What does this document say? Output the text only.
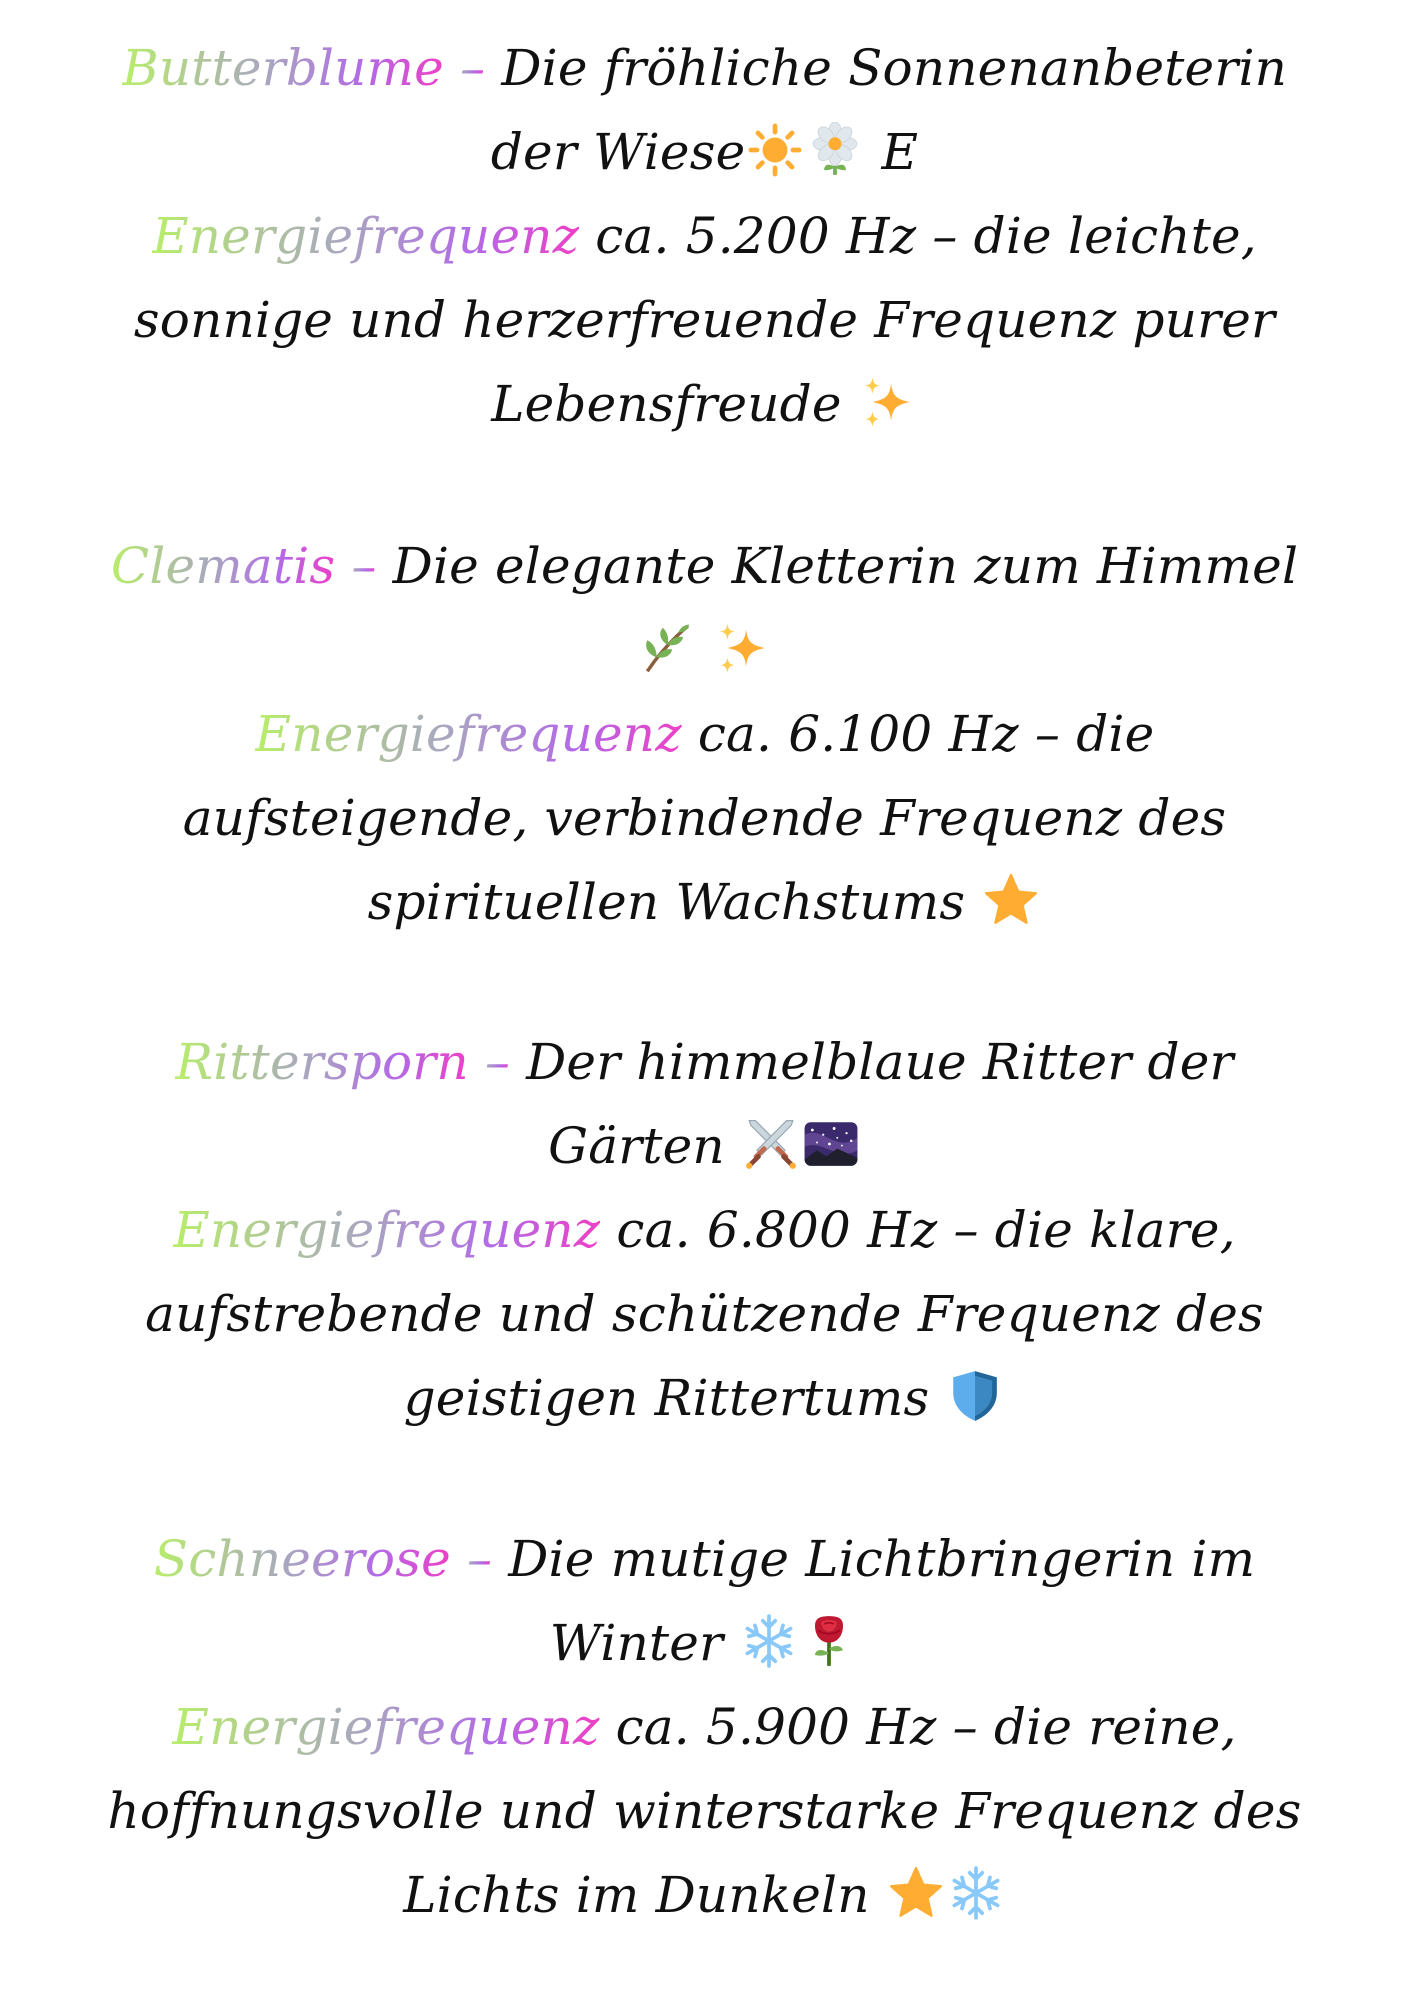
Butterblume – Die fröhliche Sonnenanbeterin der Wiese
E

Energiefrequenz ca. 5.200 Hz – die leichte, sonnige und herzerfreuende Frequenz purer Lebensfreude

Clematis – Die elegante Kletterin zum Himmel

Energiefrequenz ca. 6.100 Hz – die aufsteigende, verbindende Frequenz des spirituellen Wachstums

Rittersporn – Der himmelblaue Ritter der Gärten

Energiefrequenz ca. 6.800 Hz – die klare, aufstrebende und schützende Frequenz des geistigen Rittertums

Schneerose – Die mutige Lichtbringerin im Winter

Energiefrequenz ca. 5.900 Hz – die reine, hoffnungsvolle und winterstarke Frequenz des Lichts im Dunkeln
